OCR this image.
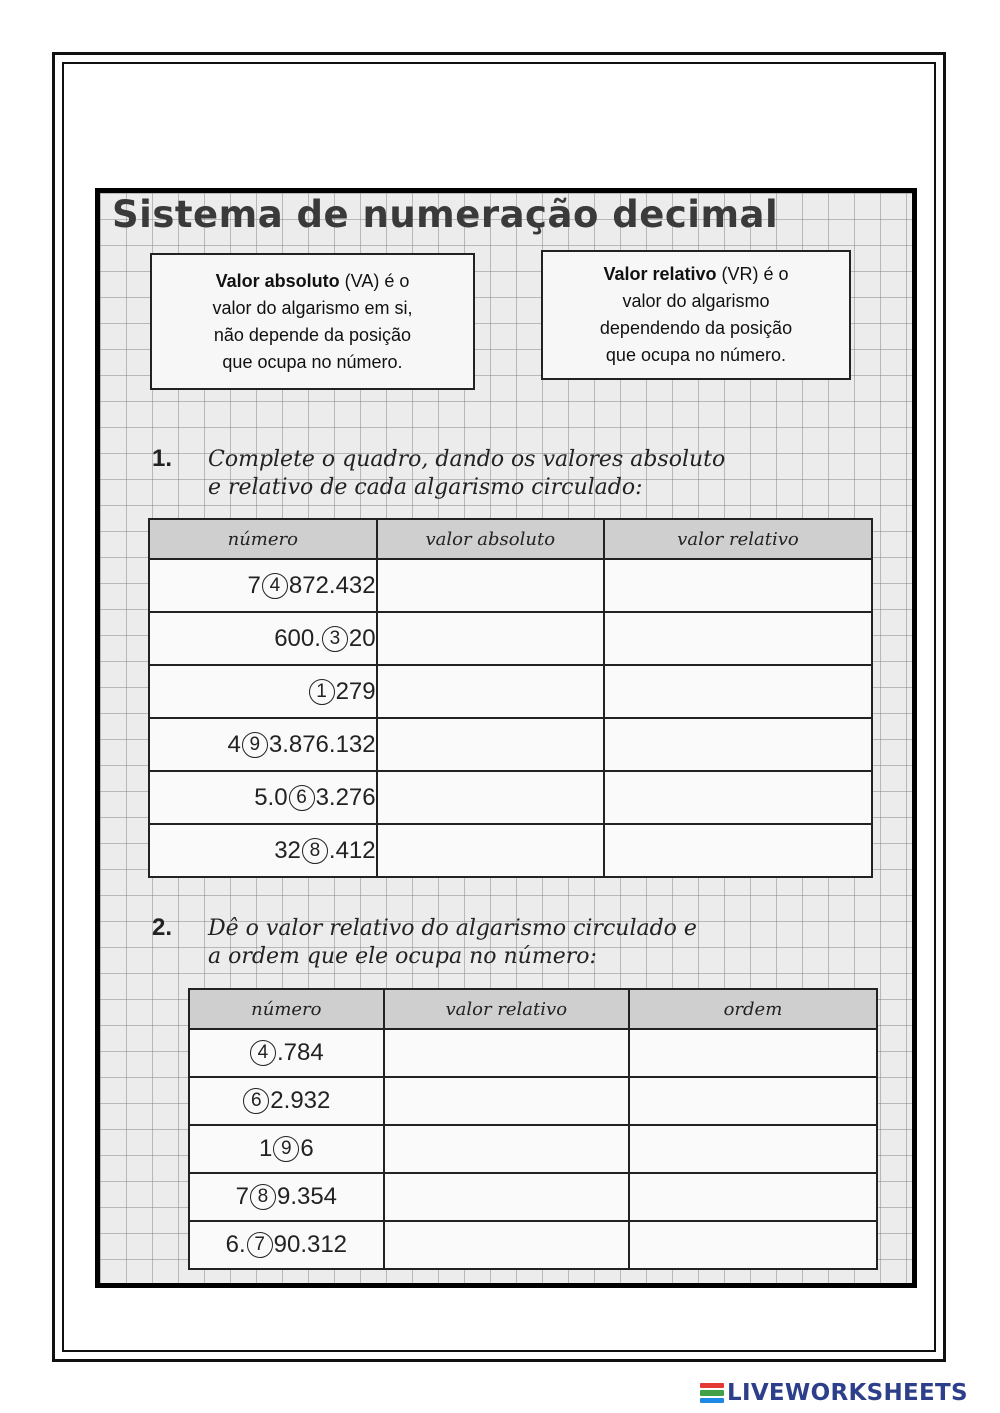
Sistema de numeração decimal

Valor absoluto (VA) é o
valor do algarismo em si,
não depende da posição
que ocupa no número.

Valor relativo (VR) é o
valor do algarismo
dependendo da posição
que ocupa no número.

1. Complete o quadro, dando os valores absoluto
e relativo de cada algarismo circulado:
número	valor absoluto	valor relativo
7 4 872.432		
600. 3 20		
1 279		
4 9 3.876.132		
5.0 6 3.276		
32 8 .412		
2. Dê o valor relativo do algarismo circulado e
a ordem que ele ocupa no número:
número	valor relativo	ordem
4 .784		
6 2.932		
1 9 6		
7 8 9.354		
6. 7 90.312		
LIVEWORKSHEETS
